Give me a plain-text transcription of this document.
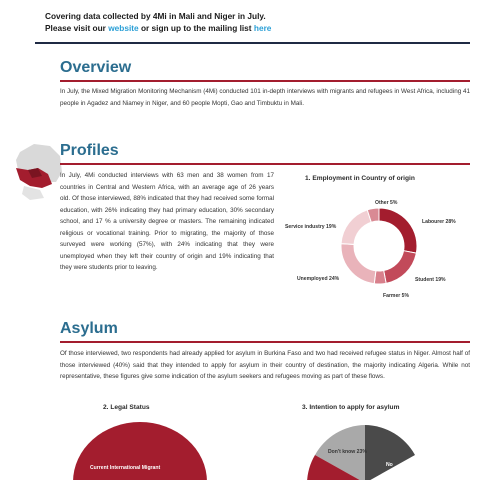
Covering data collected by 4Mi in Mali and Niger in July.
Please visit our website or sign up to the mailing list here
Overview
In July, the Mixed Migration Monitoring Mechanism (4Mi) conducted 101 in-depth interviews with migrants and refugees in West Africa, including 41 people in Agadez and Niamey in Niger, and 60 people Mopti, Gao and Timbuktu in Mali.
Profiles
In July, 4Mi conducted interviews with 63 men and 38 women from 17 countries in Central and Western Africa, with an average age of 26 years old. Of those interviewed, 88% indicated that they had received some formal education, with 26% indicating they had primary education, 30% secondary school, and 17 % a university degree or masters. The remaining indicated religious or vocational training. Prior to migrating, the majority of those surveyed were working (57%), with 24% indicating that they were unemployed when they left their country of origin and 19% indicating that they were students prior to leaving.
1. Employment in Country of origin
Other 5%
Labourer 28%
Service industry 19%
Unemployed 24%	Student 19%
Farmer 5%
Asylum
Of those interviewed, two respondents had already applied for asylum in Burkina Faso and two had received refugee status in Niger. Almost half of those interviewed (40%) said that they intended to apply for asylum in their country of destination, the majority indicating Algeria. While not representative, these figures give some indication of the asylum seekers and refugees moving as part of these flows.
2. Legal Status
Current International Migrant
3. Intention to apply for asylum
Don't know 23%
No
